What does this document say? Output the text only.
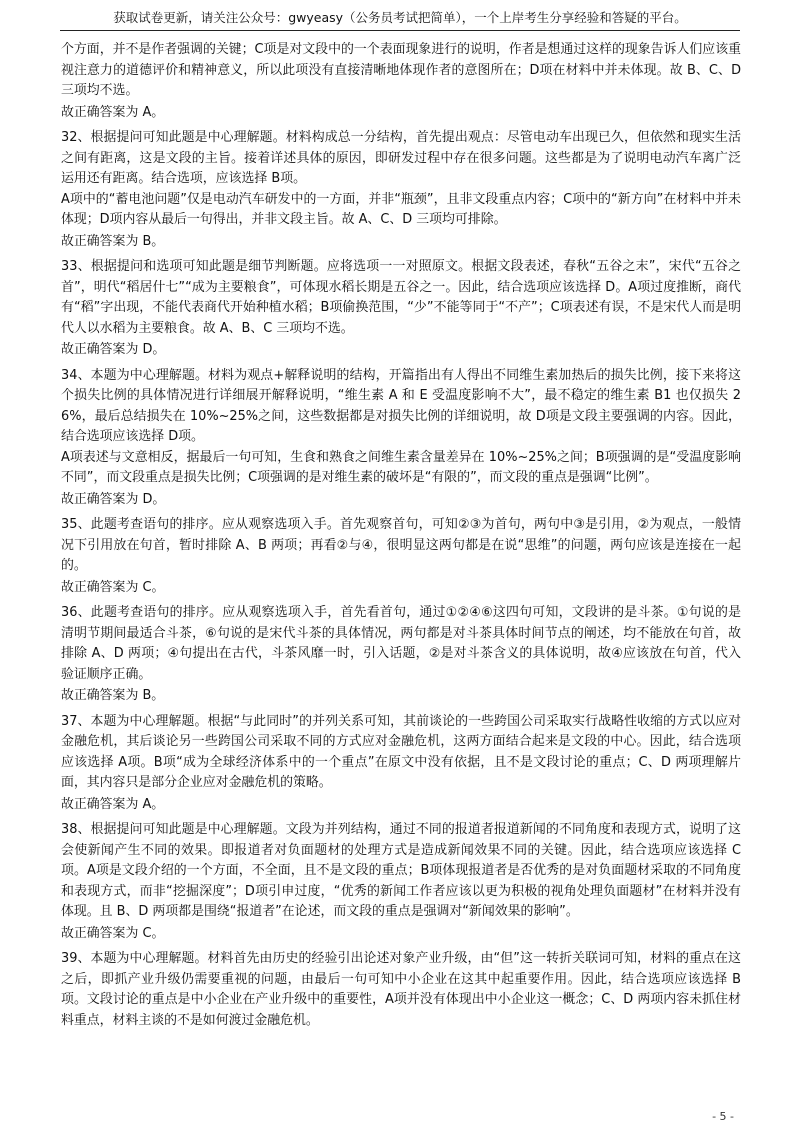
获取试卷更新，请关注公众号：gwyeasy（公务员考试把简单），一个上岸考生分享经验和答疑的平台。

个方面，并不是作者强调的关键；C项是对文段中的一个表面现象进行的说明，作者是想通过这样的现象告诉人们应该重视注意力的道德评价和精神意义，所以此项没有直接清晰地体现作者的意图所在；D项在材料中并未体现。故 B、C、D 三项均不选。

故正确答案为 A。

32、根据提问可知此题是中心理解题。材料构成总一分结构，首先提出观点：尽管电动车出现已久，但依然和现实生活之间有距离，这是文段的主旨。接着详述具体的原因，即研发过程中存在很多问题。这些都是为了说明电动汽车离广泛运用还有距离。结合选项，应该选择 B项。

A项中的“蓄电池问题”仅是电动汽车研发中的一方面，并非“瓶颈”，且非文段重点内容；C项中的“新方向”在材料中并未体现；D项内容从最后一句得出，并非文段主旨。故 A、C、D 三项均可排除。

故正确答案为 B。

33、根据提问和选项可知此题是细节判断题。应将选项一一对照原文。根据文段表述，春秋“五谷之末”，宋代“五谷之首”，明代“稻居什七”“成为主要粮食”，可体现水稻长期是五谷之一。因此，结合选项应该选择 D。A项过度推断，商代有“稻”字出现，不能代表商代开始种植水稻；B项偷换范围，“少”不能等同于“不产”；C项表述有误，不是宋代人而是明代人以水稻为主要粮食。故 A、B、C 三项均不选。

故正确答案为 D。

34、本题为中心理解题。材料为观点+解释说明的结构，开篇指出有人得出不同维生素加热后的损失比例，接下来将这个损失比例的具体情况进行详细展开解释说明，“维生素 A 和 E 受温度影响不大”，最不稳定的维生素 B1 也仅损失 26%，最后总结损失在 10%~25%之间，这些数据都是对损失比例的详细说明，故 D项是文段主要强调的内容。因此，结合选项应该选择 D项。

A项表述与文意相反，据最后一句可知，生食和熟食之间维生素含量差异在 10%~25%之间；B项强调的是“受温度影响不同”，而文段重点是损失比例；C项强调的是对维生素的破坏是“有限的”，而文段的重点是强调“比例”。

故正确答案为 D。

35、此题考查语句的排序。应从观察选项入手。首先观察首句，可知②③为首句，两句中③是引用，②为观点，一般情况下引用放在句首，暂时排除 A、B 两项；再看②与④，很明显这两句都是在说“思维”的问题，两句应该是连接在一起的。

故正确答案为 C。

36、此题考查语句的排序。应从观察选项入手，首先看首句，通过①②④⑥这四句可知，文段讲的是斗茶。①句说的是清明节期间最适合斗茶，⑥句说的是宋代斗茶的具体情况，两句都是对斗茶具体时间节点的阐述，均不能放在句首，故排除 A、D 两项；④句提出在古代，斗茶风靡一时，引入话题，②是对斗茶含义的具体说明，故④应该放在句首，代入验证顺序正确。

故正确答案为 B。

37、本题为中心理解题。根据“与此同时”的并列关系可知，其前谈论的一些跨国公司采取实行战略性收缩的方式以应对金融危机，其后谈论另一些跨国公司采取不同的方式应对金融危机，这两方面结合起来是文段的中心。因此，结合选项应该选择 A项。B项“成为全球经济体系中的一个重点”在原文中没有依据，且不是文段讨论的重点；C、D 两项理解片面，其内容只是部分企业应对金融危机的策略。

故正确答案为 A。

38、根据提问可知此题是中心理解题。文段为并列结构，通过不同的报道者报道新闻的不同角度和表现方式，说明了这会使新闻产生不同的效果。即报道者对负面题材的处理方式是造成新闻效果不同的关键。因此，结合选项应该选择 C项。A项是文段介绍的一个方面，不全面，且不是文段的重点；B项体现报道者是否优秀的是对负面题材采取的不同角度和表现方式，而非“挖掘深度”；D项引申过度，“优秀的新闻工作者应该以更为积极的视角处理负面题材”在材料并没有体现。且 B、D 两项都是围绕“报道者”在论述，而文段的重点是强调对“新闻效果的影响”。

故正确答案为 C。

39、本题为中心理解题。材料首先由历史的经验引出论述对象产业升级，由“但”这一转折关联词可知，材料的重点在这之后，即抓产业升级仍需要重视的问题，由最后一句可知中小企业在这其中起重要作用。因此，结合选项应该选择 B项。文段讨论的重点是中小企业在产业升级中的重要性，A项并没有体现出中小企业这一概念；C、D 两项内容未抓住材料重点，材料主谈的不是如何渡过金融危机。

- 5 -
